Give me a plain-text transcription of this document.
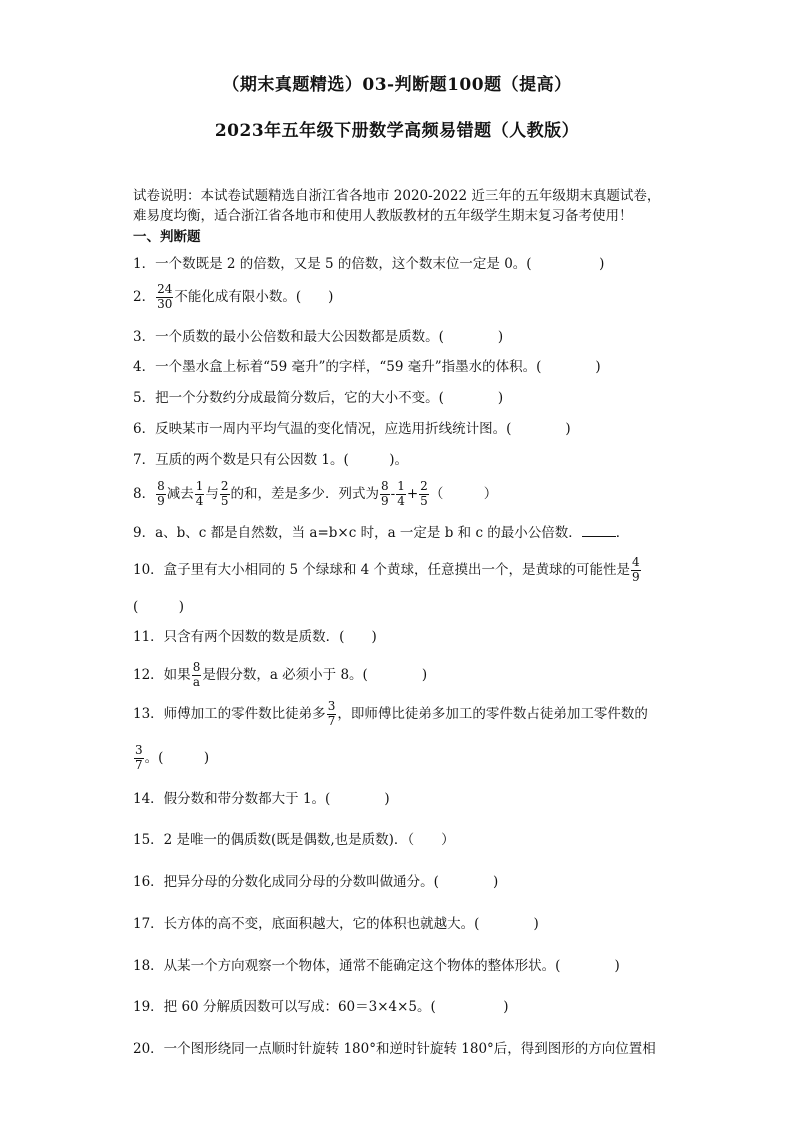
（期末真题精选）03-判断题100题（提高）
2023年五年级下册数学高频易错题（人教版）
试卷说明：本试卷试题精选自浙江省各地市 2020-2022 近三年的五年级期末真题试卷，
难易度均衡，适合浙江省各地市和使用人教版教材的五年级学生期末复习备考使用！
一、判断题
1．一个数既是 2 的倍数，又是 5 的倍数，这个数末位一定是 0。(　　　　　)
2． $\frac{24}{30}$ 不能化成有限小数。(　　)
3．一个质数的最小公倍数和最大公因数都是质数。(　　　　)
4．一个墨水盒上标着“59 毫升”的字样，“59 毫升”指墨水的体积。(　　　　)
5．把一个分数约分成最简分数后，它的大小不变。(　　　　)
6．反映某市一周内平均气温的变化情况，应选用折线统计图。(　　　　)
7．互质的两个数是只有公因数 1。(　　　)。
8． $\frac{8}{9}$ 减去 $\frac{1}{4}$ 与 $\frac{2}{5}$ 的和，差是多少．列式为 $\frac{8}{9} - \frac{1}{4} + \frac{2}{5}$ （　　　）
9．a、b、c 都是自然数，当 a=b×c 时，a 一定是 b 和 c 的最小公倍数．	．
10．盒子里有大小相同的 5 个绿球和 4 个黄球，任意摸出一个，是黄球的可能性是 $\frac{4}{9}$
(　　　)
11．只含有两个因数的数是质数．(　　)
12．如果 $\frac{8}{a}$ 是假分数，a 必须小于 8。(　　　　)
13．师傅加工的零件数比徒弟多 $\frac{3}{7}$ ，即师傅比徒弟多加工的零件数占徒弟加工零件数的
$\frac{3}{7}$ 。(　　　)
14．假分数和带分数都大于 1。(　　　　)
15．2 是唯一的偶质数(既是偶数,也是质数)．（　　）
16．把异分母的分数化成同分母的分数叫做通分。(　　　　)
17．长方体的高不变，底面积越大，它的体积也就越大。(　　　　)
18．从某一个方向观察一个物体，通常不能确定这个物体的整体形状。(　　　　)
19．把 60 分解质因数可以写成：60＝3×4×5。(　　　　　)
20．一个图形绕同一点顺时针旋转 180°和逆时针旋转 180°后，得到图形的方向位置相
